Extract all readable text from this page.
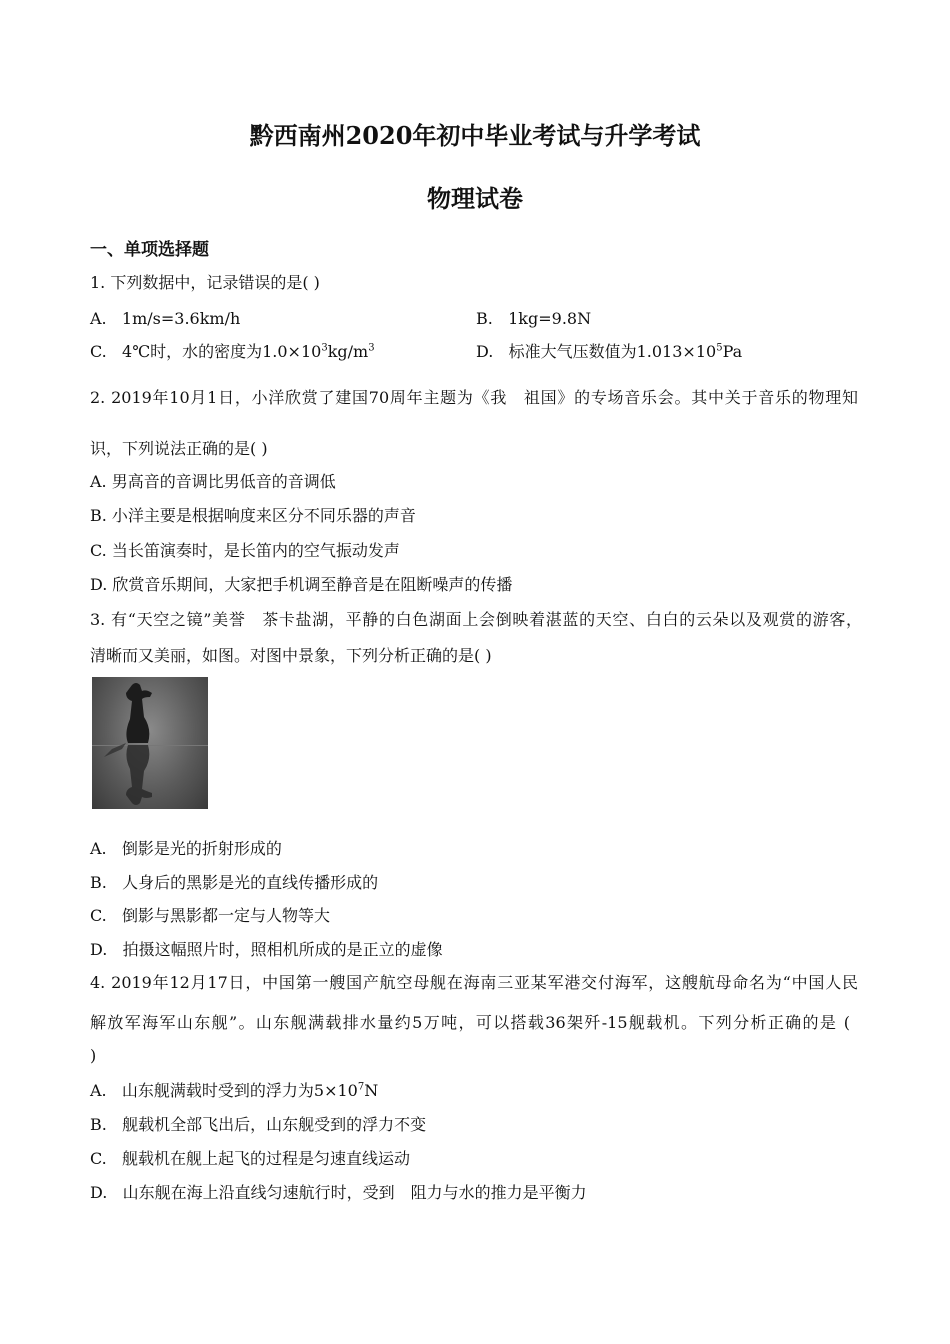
黔西南州2020年初中毕业考试与升学考试
物理试卷
一、单项选择题
1. 下列数据中，记录错误的是( )
A. 1m/s=3.6km/h	B. 1kg=9.8N
C. 4℃时，水的密度为$1.0\times 10^3kg/m^3$	D. 标准大气压数值为$1.013\times 10^5Pa$
2. 2019年10月1日，小洋欣赏了建国70周年主题为《我　祖国》的专场音乐会。其中关于音乐的物理知
识，下列说法正确的是( )
A. 男高音的音调比男低音的音调低
B. 小洋主要是根据响度来区分不同乐器的声音
C. 当长笛演奏时，是长笛内的空气振动发声
D. 欣赏音乐期间，大家把手机调至静音是在阻断噪声的传播
3. 有“天空之镜”美誉　茶卡盐湖，平静的白色湖面上会倒映着湛蓝的天空、白白的云朵以及观赏的游客，
清晰而又美丽，如图。对图中景象，下列分析正确的是( )
A. 倒影是光的折射形成的
B. 人身后的黑影是光的直线传播形成的
C. 倒影与黑影都一定与人物等大
D. 拍摄这幅照片时，照相机所成的是正立的虚像
4. 2019年12月17日，中国第一艘国产航空母舰在海南三亚某军港交付海军，这艘航母命名为“中国人民
解放军海军山东舰”。山东舰满载排水量约5万吨，可以搭载36架歼-15舰载机。下列分析正确的是 (
)
A. 山东舰满载时受到的浮力为$5\times 10^7N$
B. 舰载机全部飞出后，山东舰受到的浮力不变
C. 舰载机在舰上起飞的过程是匀速直线运动
D. 山东舰在海上沿直线匀速航行时，受到　阻力与水的推力是平衡力
